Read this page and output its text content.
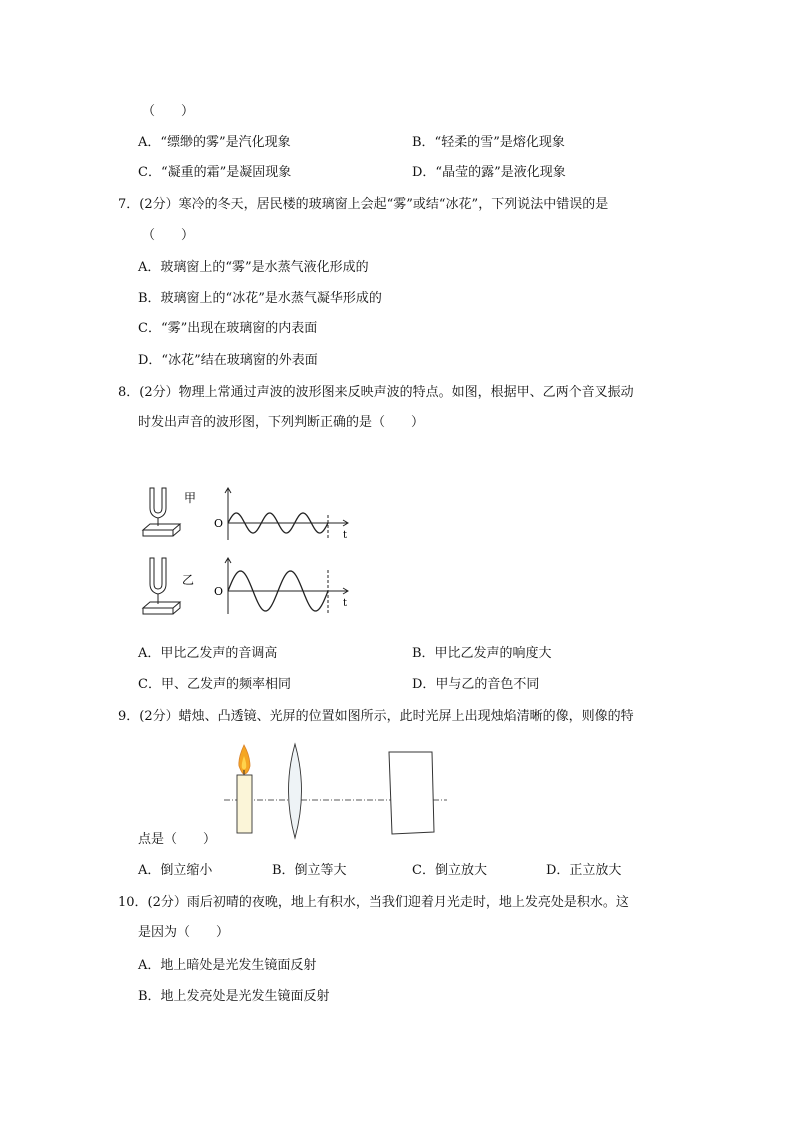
（　　）
A．“缥缈的雾”是汽化现象	B．“轻柔的雪”是熔化现象
C．“凝重的霜”是凝固现象	D．“晶莹的露”是液化现象
7．(2分）寒冷的冬天，居民楼的玻璃窗上会起“雾”或结“冰花”，下列说法中错误的是
（　　）
A．玻璃窗上的“雾”是水蒸气液化形成的
B．玻璃窗上的“冰花”是水蒸气凝华形成的
C．“雾”出现在玻璃窗的内表面
D．“冰花”结在玻璃窗的外表面
8．(2分）物理上常通过声波的波形图来反映声波的特点。如图，根据甲、乙两个音叉振动
时发出声音的波形图，下列判断正确的是（　　）
甲
O
t
乙
O
t
A．甲比乙发声的音调高	B．甲比乙发声的响度大
C．甲、乙发声的频率相同	D．甲与乙的音色不同
9．(2分）蜡烛、凸透镜、光屏的位置如图所示，此时光屏上出现烛焰清晰的像，则像的特
点是（　　）
A．倒立缩小	B．倒立等大	C．倒立放大	D．正立放大
10．(2分）雨后初晴的夜晚，地上有积水，当我们迎着月光走时，地上发亮处是积水。这
是因为（　　）
A．地上暗处是光发生镜面反射
B．地上发亮处是光发生镜面反射
